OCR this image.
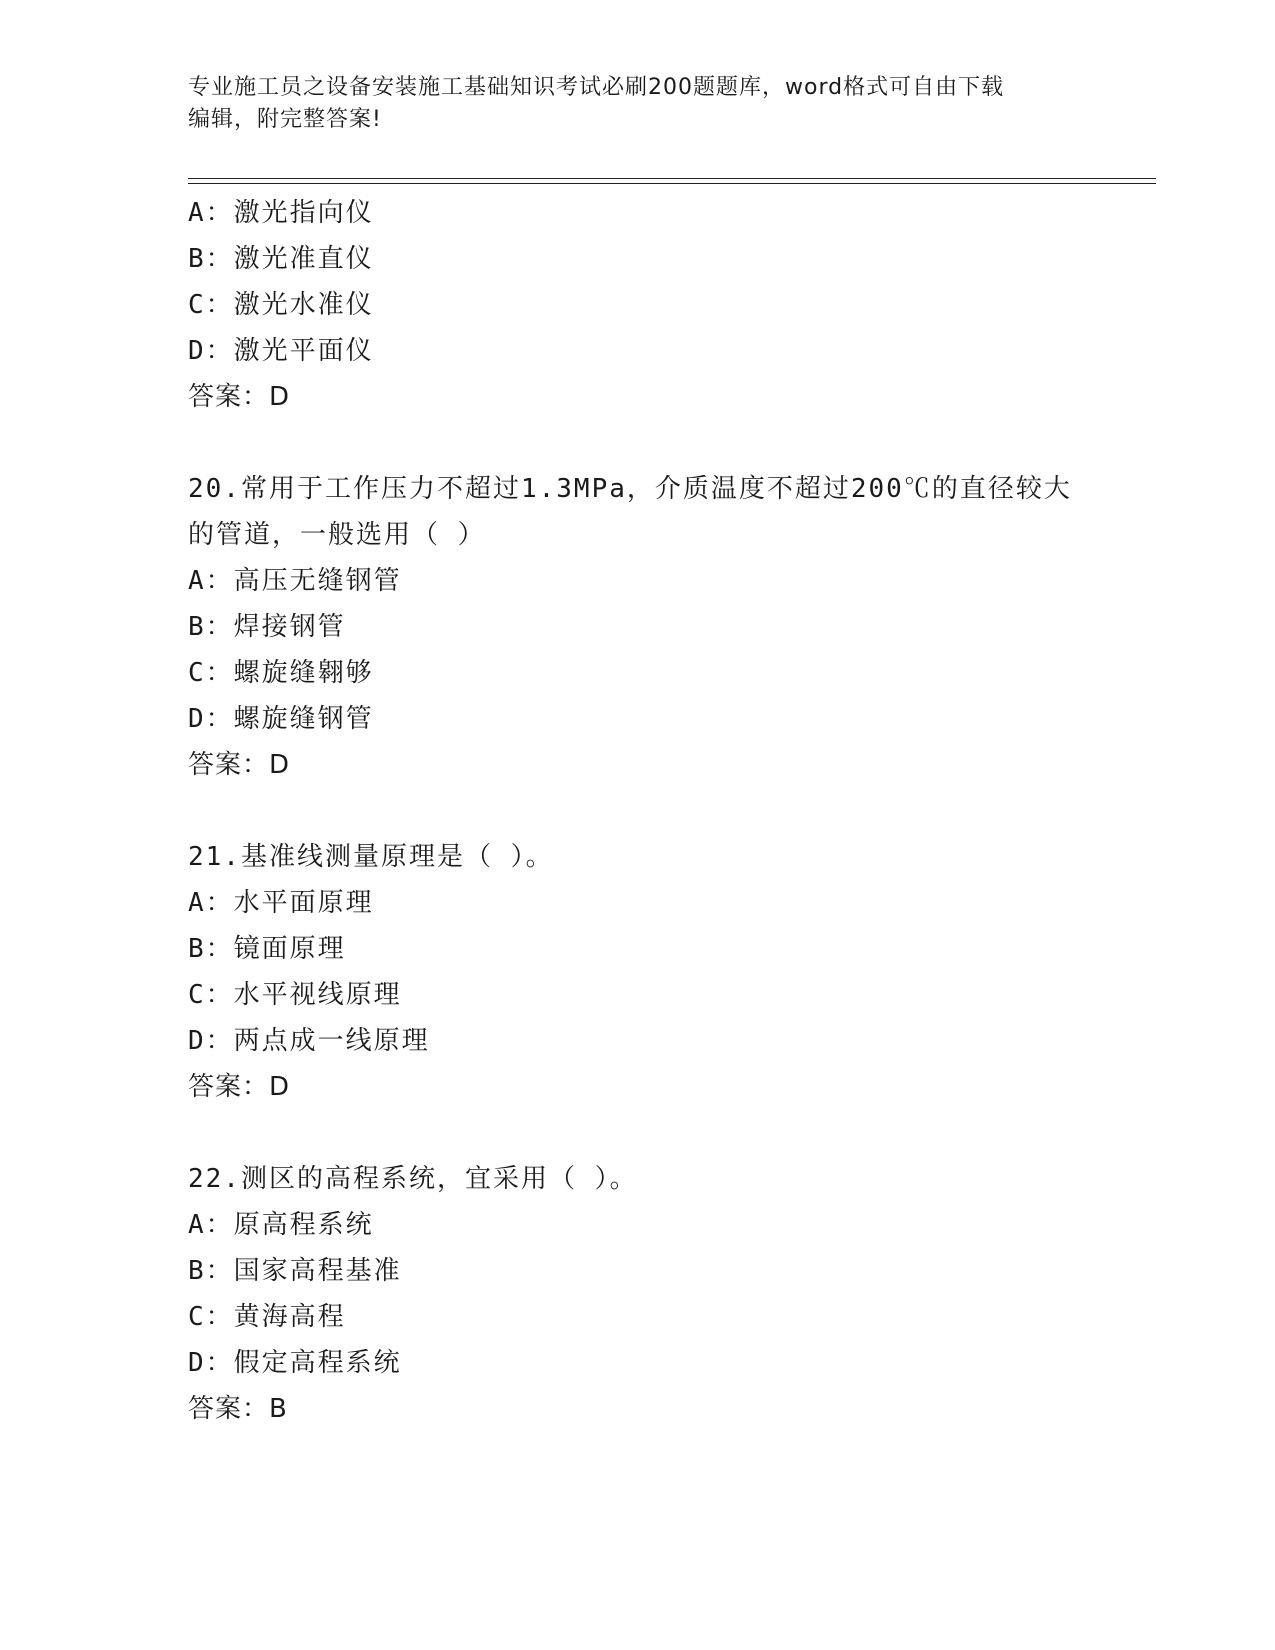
专业施工员之设备安装施工基础知识考试必刷200题题库，word格式可自由下载
编辑，附完整答案!
A：激光指向仪
B：激光准直仪
C：激光水准仪
D：激光平面仪
答案：D
20.常用于工作压力不超过1.3MPa，介质温度不超过200℃的直径较大的管道，一般选用（ ）
A：高压无缝钢管
B：焊接钢管
C：螺旋缝翱够
D：螺旋缝钢管
答案：D
21.基准线测量原理是（ ）。
A：水平面原理
B：镜面原理
C：水平视线原理
D：两点成一线原理
答案：D
22.测区的高程系统，宜采用（ ）。
A：原高程系统
B：国家高程基准
C：黄海高程
D：假定高程系统
答案：B
